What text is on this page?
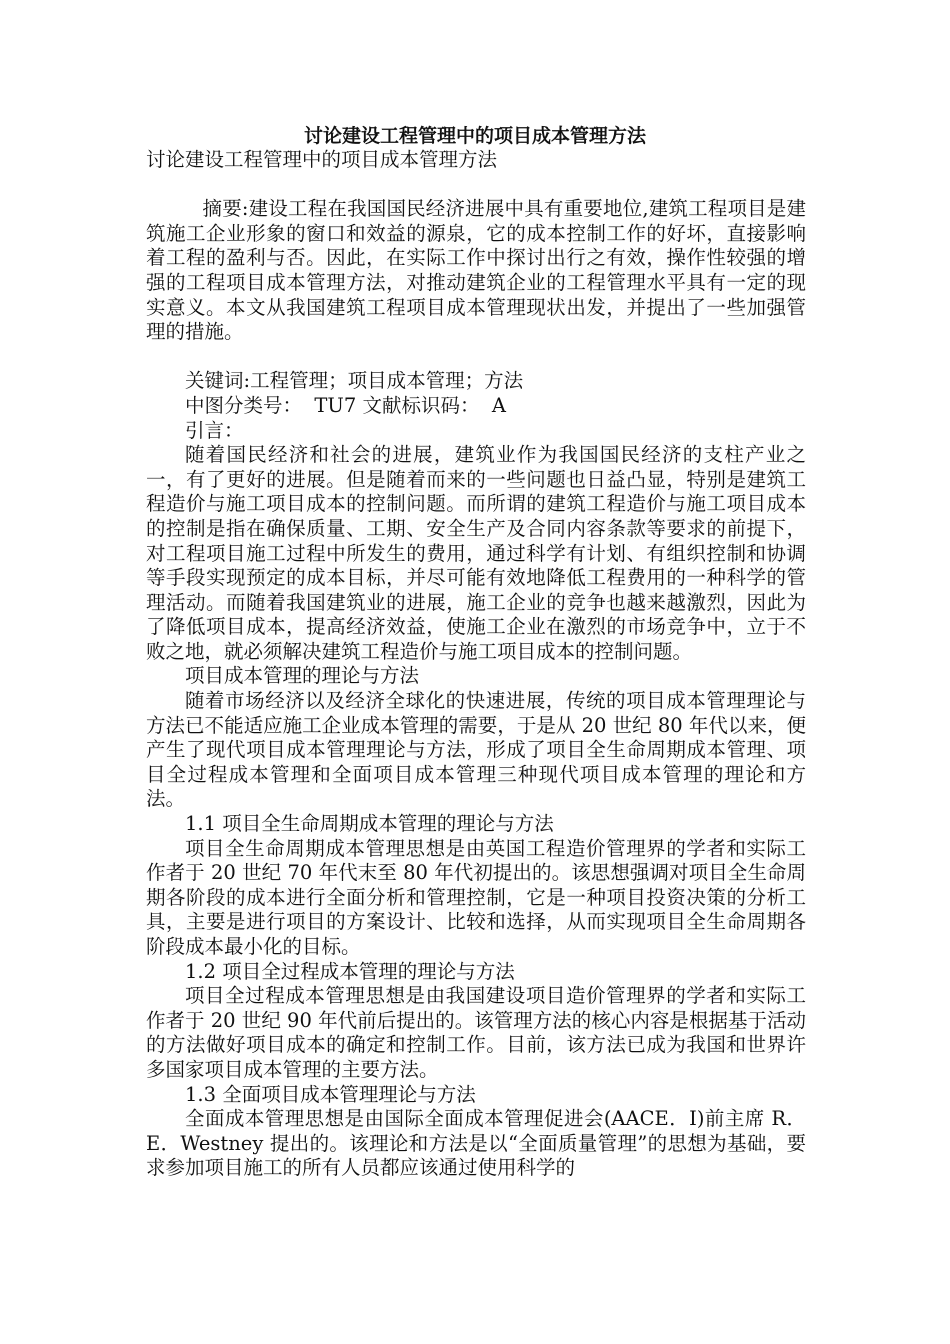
讨论建设工程管理中的项目成本管理方法

讨论建设工程管理中的项目成本管理方法

摘要:建设工程在我国国民经济进展中具有重要地位,建筑工程项目是建筑施工企业形象的窗口和效益的源泉，它的成本控制工作的好坏，直接影响着工程的盈利与否。因此，在实际工作中探讨出行之有效，操作性较强的增强的工程项目成本管理方法，对推动建筑企业的工程管理水平具有一定的现实意义。本文从我国建筑工程项目成本管理现状出发，并提出了一些加强管理的措施。

关键词:工程管理；项目成本管理；方法

中图分类号：  TU7 文献标识码：  A

引言：

随着国民经济和社会的进展，建筑业作为我国国民经济的支柱产业之一，有了更好的进展。但是随着而来的一些问题也日益凸显，特别是建筑工程造价与施工项目成本的控制问题。而所谓的建筑工程造价与施工项目成本的控制是指在确保质量、工期、安全生产及合同内容条款等要求的前提下，对工程项目施工过程中所发生的费用，通过科学有计划、有组织控制和协调等手段实现预定的成本目标，并尽可能有效地降低工程费用的一种科学的管理活动。而随着我国建筑业的进展，施工企业的竞争也越来越激烈，因此为了降低项目成本，提高经济效益，使施工企业在激烈的市场竞争中，立于不败之地，就必须解决建筑工程造价与施工项目成本的控制问题。

项目成本管理的理论与方法

随着市场经济以及经济全球化的快速进展，传统的项目成本管理理论与方法已不能适应施工企业成本管理的需要，于是从 20 世纪 80 年代以来，便产生了现代项目成本管理理论与方法，形成了项目全生命周期成本管理、项目全过程成本管理和全面项目成本管理三种现代项目成本管理的理论和方法。

1.1 项目全生命周期成本管理的理论与方法

项目全生命周期成本管理思想是由英国工程造价管理界的学者和实际工作者于 20 世纪 70 年代末至 80 年代初提出的。该思想强调对项目全生命周期各阶段的成本进行全面分析和管理控制，它是一种项目投资决策的分析工具，主要是进行项目的方案设计、比较和选择，从而实现项目全生命周期各阶段成本最小化的目标。

1.2 项目全过程成本管理的理论与方法

项目全过程成本管理思想是由我国建设项目造价管理界的学者和实际工作者于 20 世纪 90 年代前后提出的。该管理方法的核心内容是根据基于活动的方法做好项目成本的确定和控制工作。目前，该方法已成为我国和世界许多国家项目成本管理的主要方法。

1.3 全面项目成本管理理论与方法

全面成本管理思想是由国际全面成本管理促进会(AACE．I)前主席 R．E．Westney 提出的。该理论和方法是以“全面质量管理”的思想为基础，要求参加项目施工的所有人员都应该通过使用科学的
